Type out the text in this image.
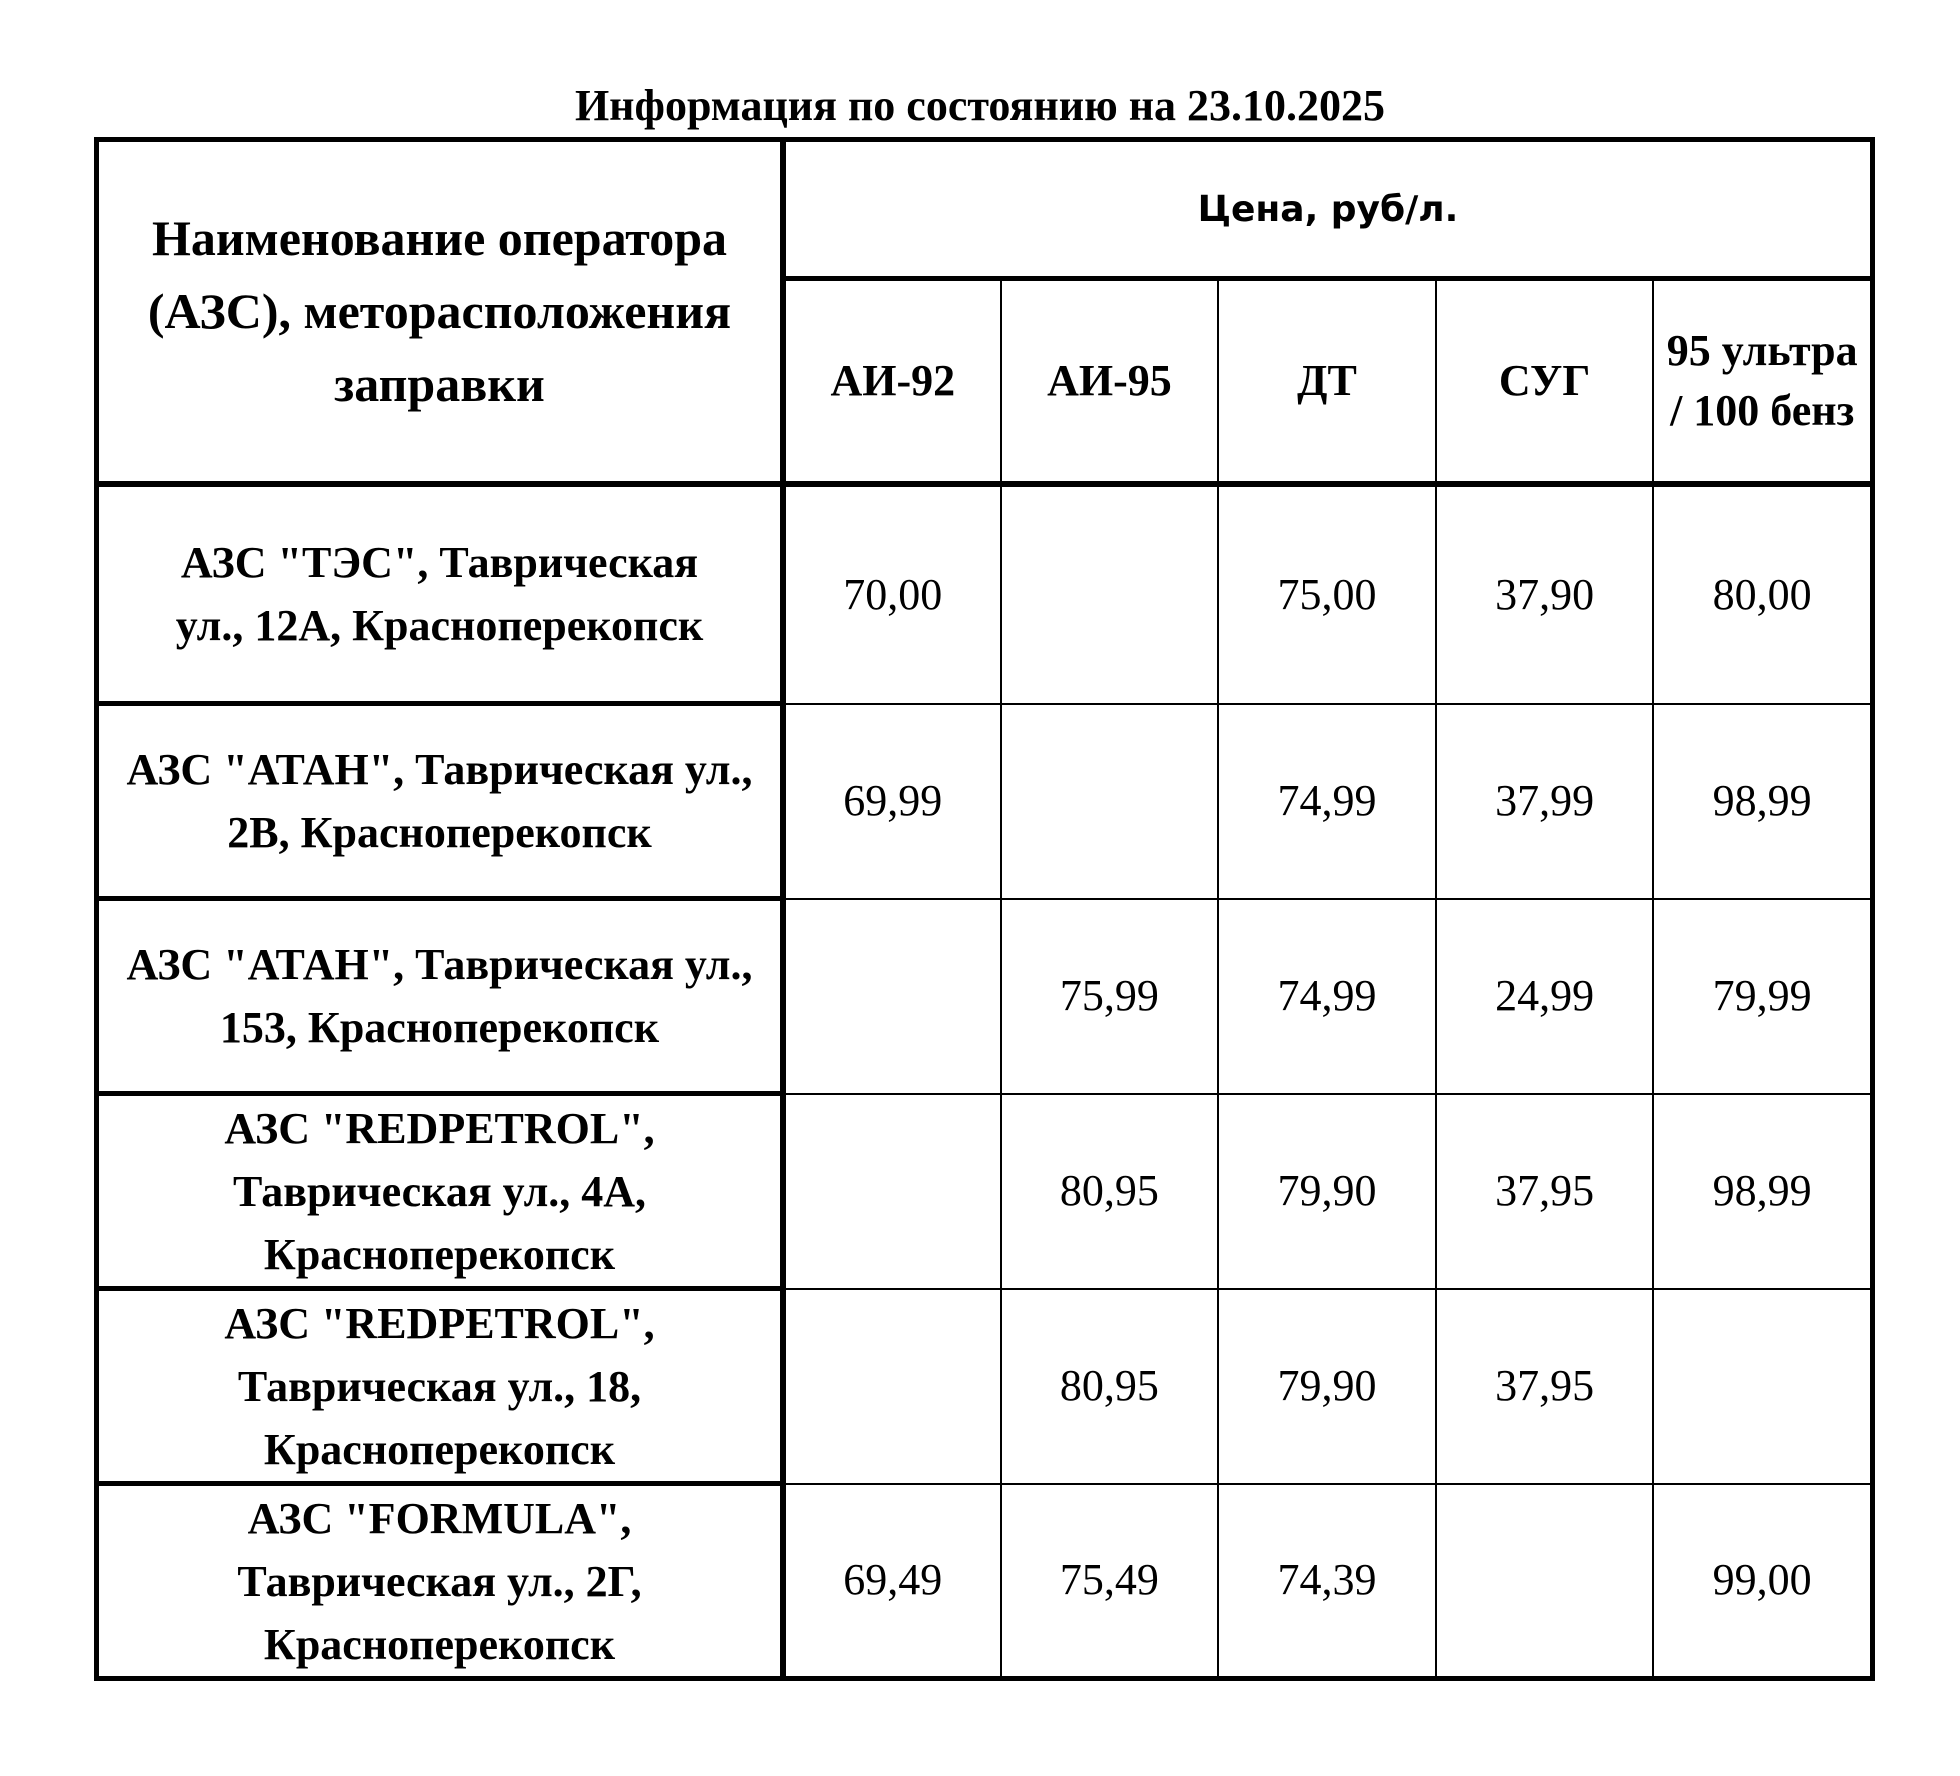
Информация по состоянию на 23.10.2025
Наименование оператора (АЗС), меторасположения заправки	Цена, руб/л.				
	АИ-92	АИ-95	ДТ	СУГ	95 ультра / 100 бенз
АЗС "ТЭС", Таврическая ул., 12А, Красноперекопск	70,00		75,00	37,90	80,00
АЗС "АТАН", Таврическая ул., 2В, Красноперекопск	69,99		74,99	37,99	98,99
АЗС "АТАН", Таврическая ул., 153, Красноперекопск		75,99	74,99	24,99	79,99
АЗС "REDPETROL", Таврическая ул., 4А, Красноперекопск		80,95	79,90	37,95	98,99
АЗС "REDPETROL", Таврическая ул., 18, Красноперекопск		80,95	79,90	37,95	
АЗС "FORMULA", Таврическая ул., 2Г, Красноперекопск	69,49	75,49	74,39		99,00
